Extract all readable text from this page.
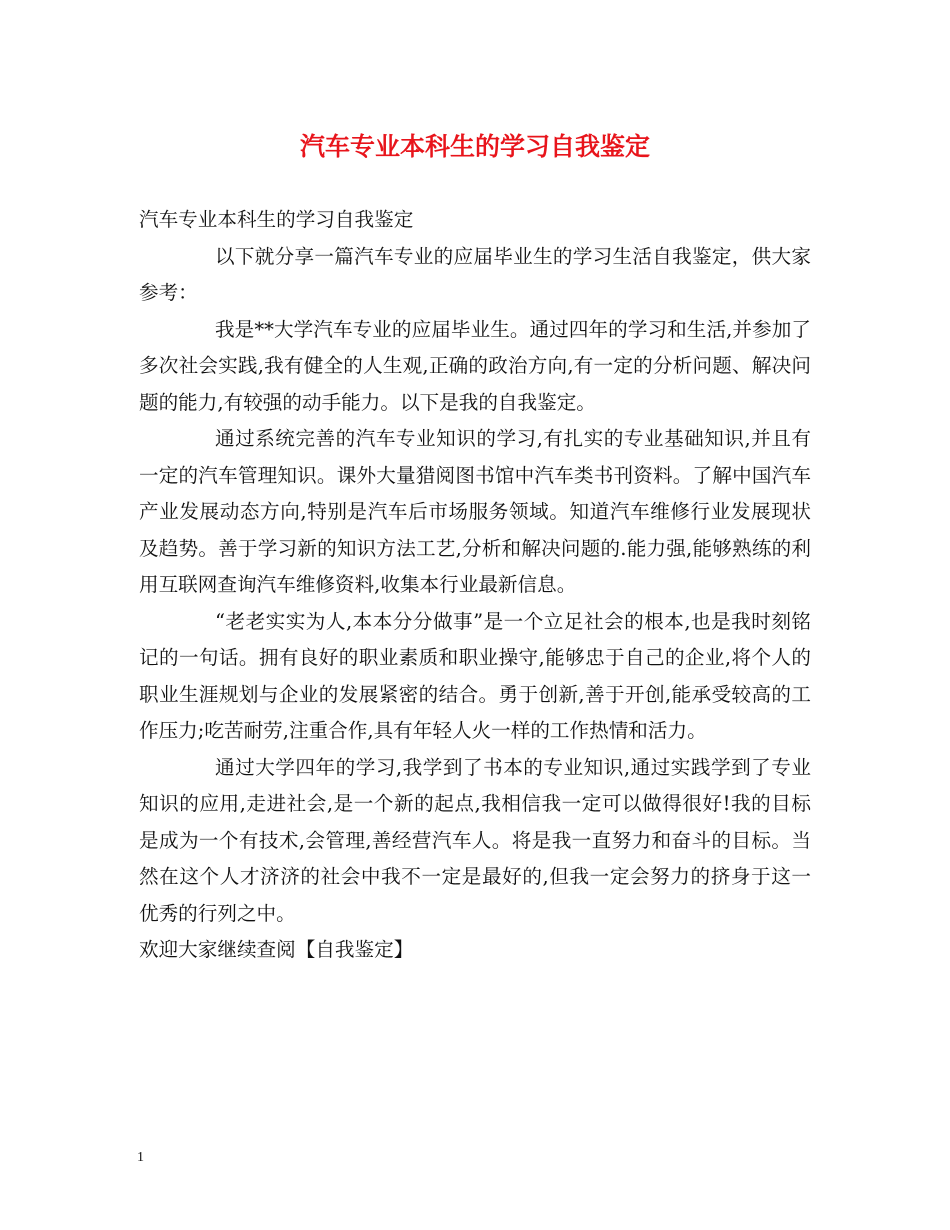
汽车专业本科生的学习自我鉴定

汽车专业本科生的学习自我鉴定

以下就分享一篇汽车专业的应届毕业生的学习生活自我鉴定，供大家参考：

我是**大学汽车专业的应届毕业生。通过四年的学习和生活,并参加了多次社会实践,我有健全的人生观,正确的政治方向,有一定的分析问题、解决问题的能力,有较强的动手能力。以下是我的自我鉴定。

通过系统完善的汽车专业知识的学习,有扎实的专业基础知识,并且有一定的汽车管理知识。课外大量猎阅图书馆中汽车类书刊资料。了解中国汽车产业发展动态方向,特别是汽车后市场服务领域。知道汽车维修行业发展现状及趋势。善于学习新的知识方法工艺,分析和解决问题的.能力强,能够熟练的利用互联网查询汽车维修资料,收集本行业最新信息。

“老老实实为人,本本分分做事”是一个立足社会的根本,也是我时刻铭记的一句话。拥有良好的职业素质和职业操守,能够忠于自己的企业,将个人的职业生涯规划与企业的发展紧密的结合。勇于创新,善于开创,能承受较高的工作压力;吃苦耐劳,注重合作,具有年轻人火一样的工作热情和活力。

通过大学四年的学习,我学到了书本的专业知识,通过实践学到了专业知识的应用,走进社会,是一个新的起点,我相信我一定可以做得很好!我的目标是成为一个有技术,会管理,善经营汽车人。将是我一直努力和奋斗的目标。当然在这个人才济济的社会中我不一定是最好的,但我一定会努力的挤身于这一优秀的行列之中。

欢迎大家继续查阅【自我鉴定】

1
